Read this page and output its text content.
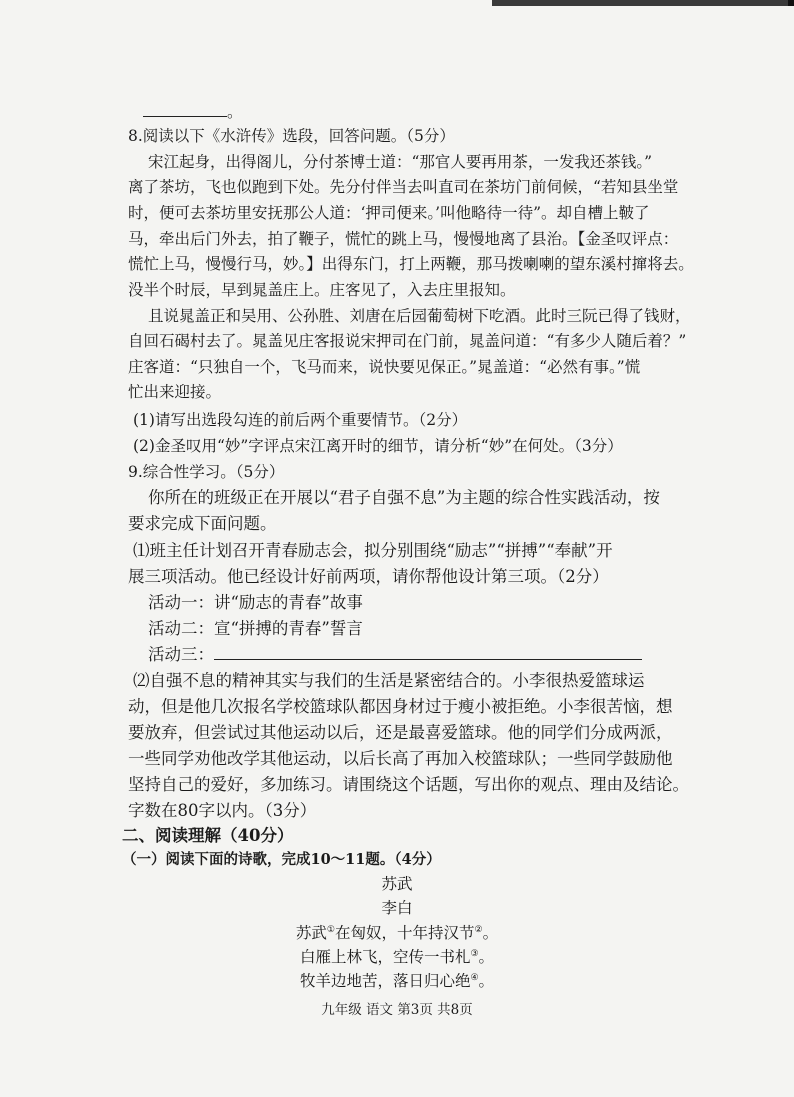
。
8.阅读以下《水浒传》选段，回答问题。（5分）
宋江起身，出得阁儿，分付茶博士道：“那官人要再用茶，一发我还茶钱。”
离了茶坊，飞也似跑到下处。先分付伴当去叫直司在茶坊门前伺候，“若知县坐堂
时，便可去茶坊里安抚那公人道：‘押司便来。’叫他略待一待”。却自槽上鞁了
马，牵出后门外去，拍了鞭子，慌忙的跳上马，慢慢地离了县治。【金圣叹评点：
慌忙上马，慢慢行马，妙。】出得东门，打上两鞭，那马拨喇喇的望东溪村撺将去。
没半个时辰，早到晁盖庄上。庄客见了，入去庄里报知。
且说晁盖正和吴用、公孙胜、刘唐在后园葡萄树下吃酒。此时三阮已得了钱财，
自回石碣村去了。晁盖见庄客报说宋押司在门前，晁盖问道：“有多少人随后着？”
庄客道：“只独自一个，飞马而来，说快要见保正。”晁盖道：“必然有事。”慌
忙出来迎接。
(1)请写出选段勾连的前后两个重要情节。（2分）
(2)金圣叹用“妙”字评点宋江离开时的细节，请分析“妙”在何处。（3分）
9.综合性学习。（5分）
你所在的班级正在开展以“君子自强不息”为主题的综合性实践活动，按
要求完成下面问题。
⑴班主任计划召开青春励志会，拟分别围绕“励志”“拼搏”“奉献”开
展三项活动。他已经设计好前两项，请你帮他设计第三项。（2分）
活动一：讲“励志的青春”故事
活动二：宣“拼搏的青春”誓言
活动三：
⑵自强不息的精神其实与我们的生活是紧密结合的。小李很热爱篮球运
动，但是他几次报名学校篮球队都因身材过于瘦小被拒绝。小李很苦恼，想
要放弃，但尝试过其他运动以后，还是最喜爱篮球。他的同学们分成两派，
一些同学劝他改学其他运动，以后长高了再加入校篮球队；一些同学鼓励他
坚持自己的爱好，多加练习。请围绕这个话题，写出你的观点、理由及结论。
字数在80字以内。（3分）
二、阅读理解（40分）
（一）阅读下面的诗歌，完成10～11题。（4分）
苏武
李白
苏武①在匈奴，十年持汉节②。
白雁上林飞，空传一书札③。
牧羊边地苦，落日归心绝④。
九年级 语文 第3页 共8页
